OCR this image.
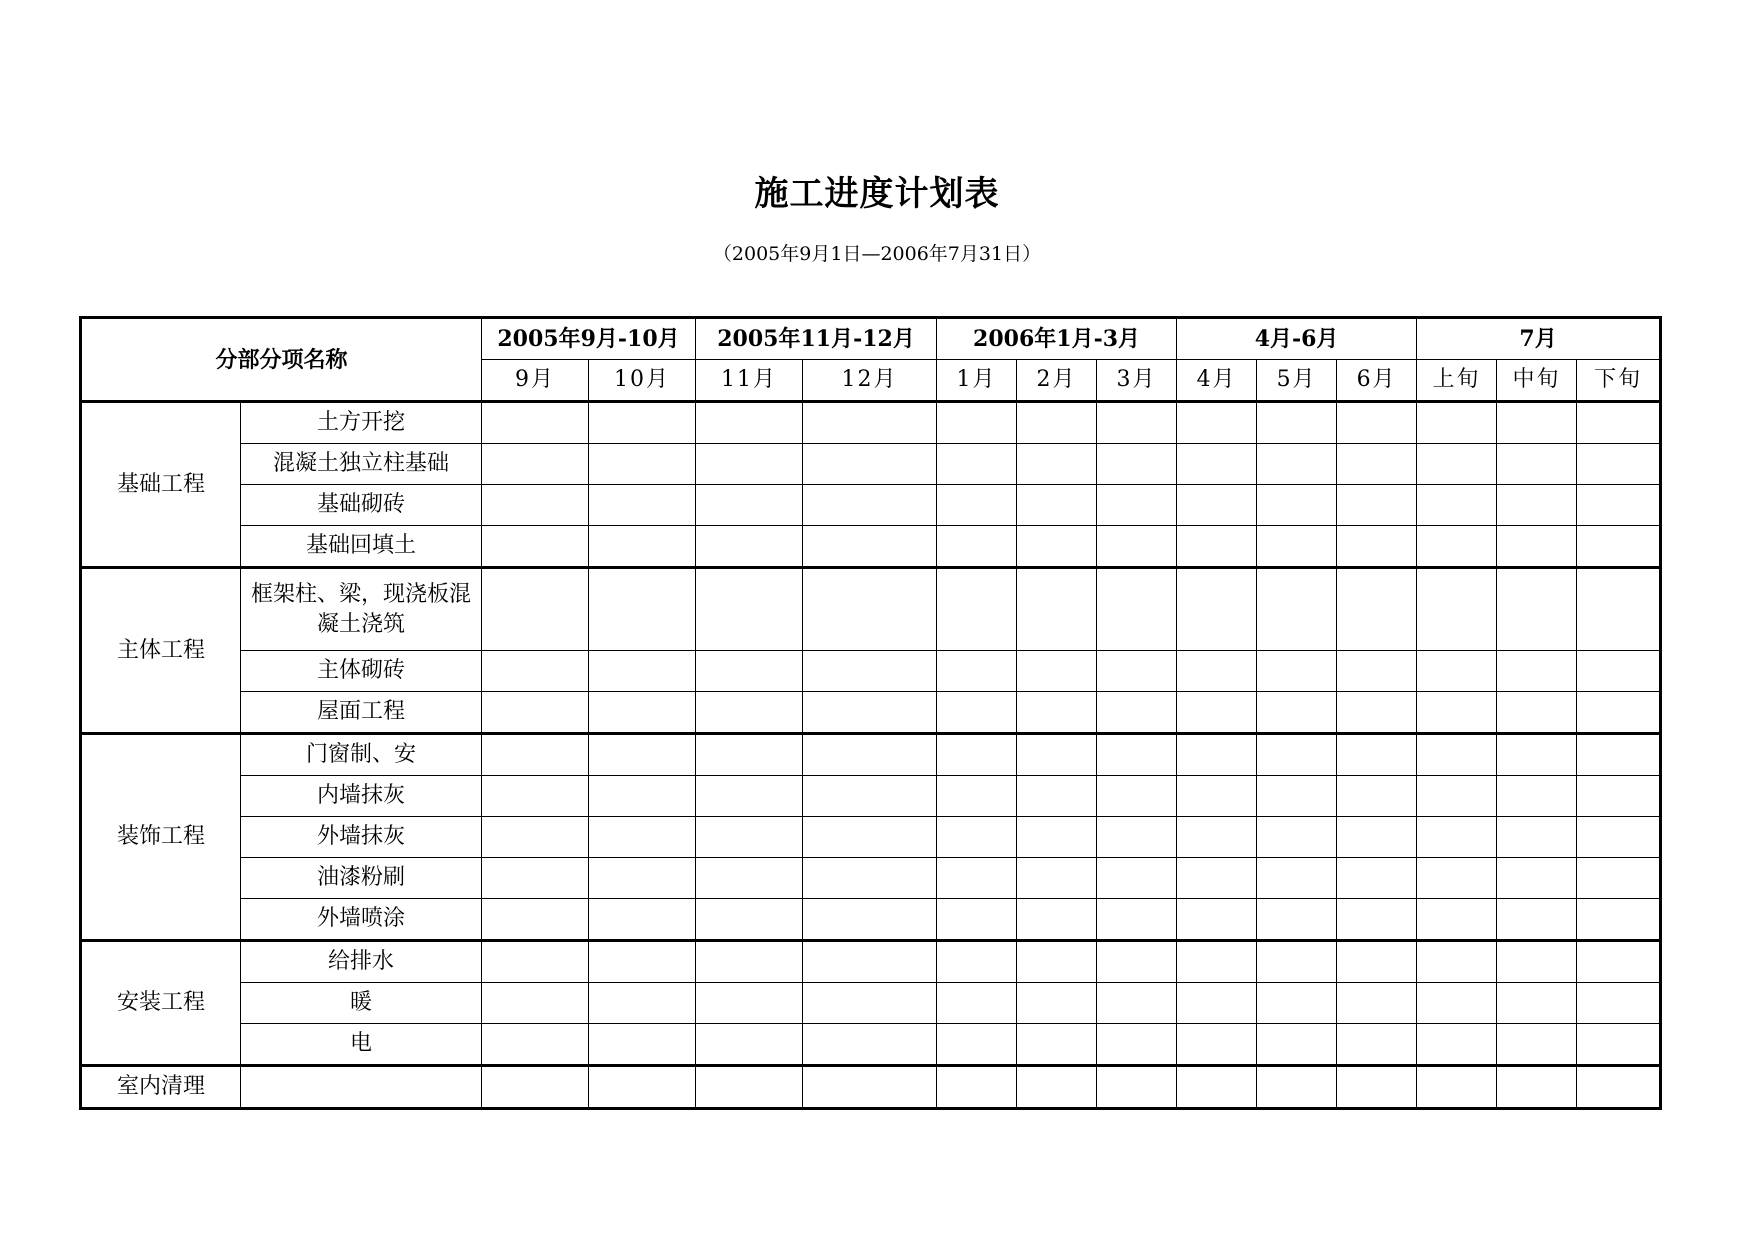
施工进度计划表
（2005年9月1日—2006年7月31日）
分部分项名称		2005年9月-10月		2005年11月-12月		2006年1月-3月			4月-6月			7月		
		9月	10月	11月	12月	1月	2月	3月	4月	5月	6月	上旬	中旬	下旬
基础工程	土方开挖													
	混凝土独立柱基础													
	基础砌砖													
	基础回填土													
主体工程	框架柱、梁，现浇板混凝土浇筑													
	主体砌砖													
	屋面工程													
装饰工程	门窗制、安													
	内墙抹灰													
	外墙抹灰													
	油漆粉刷													
	外墙喷涂													
安装工程	给排水													
	暖													
	电													
室内清理														
